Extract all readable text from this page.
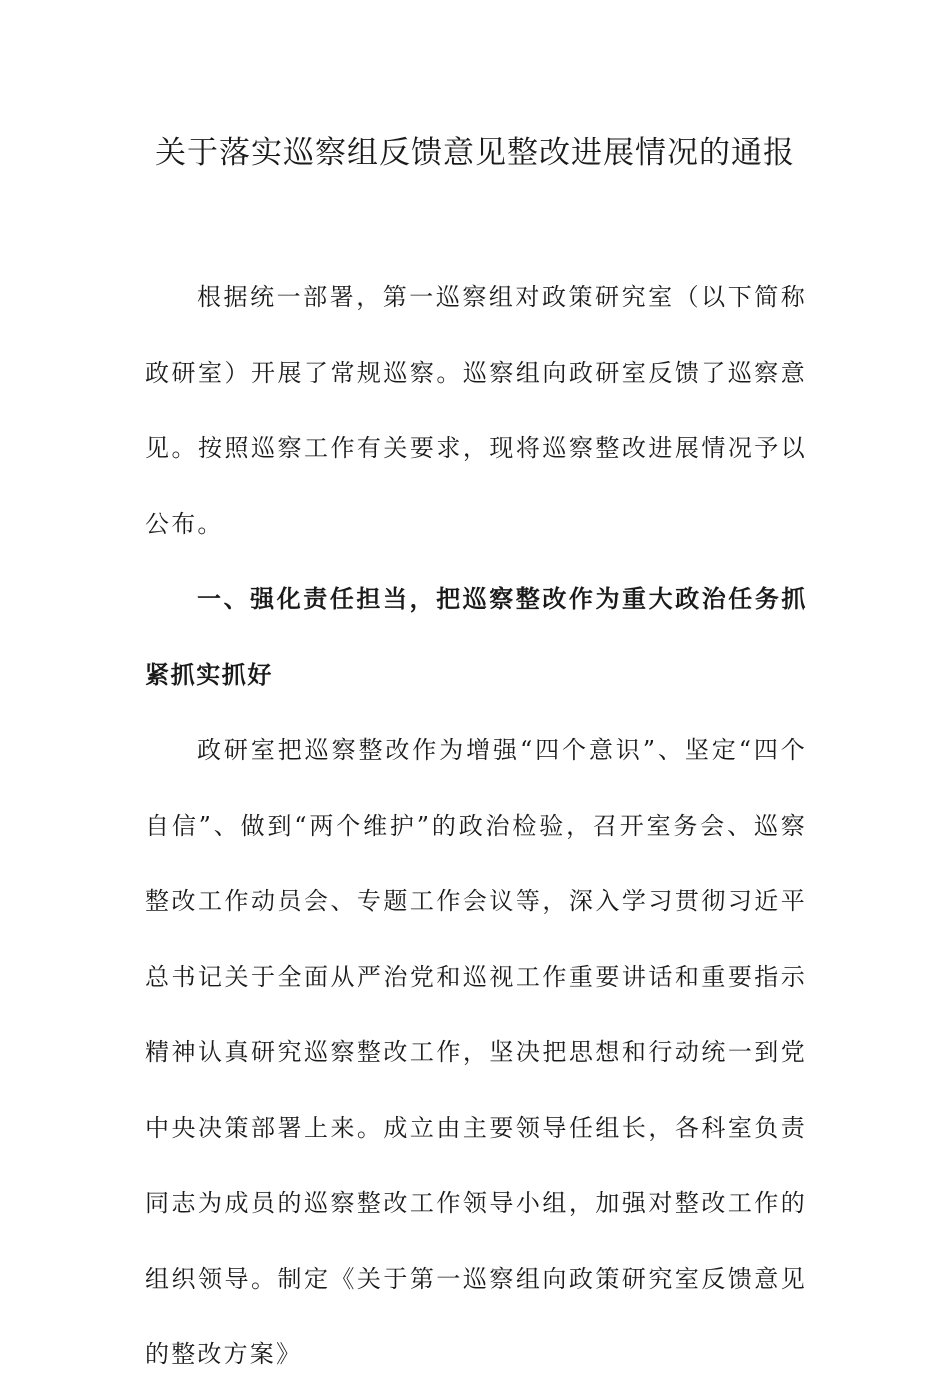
关于落实巡察组反馈意见整改进展情况的通报

根据统一部署，第一巡察组对政策研究室（以下简称政研室）开展了常规巡察。巡察组向政研室反馈了巡察意见。按照巡察工作有关要求，现将巡察整改进展情况予以公布。

一、强化责任担当，把巡察整改作为重大政治任务抓紧抓实抓好

政研室把巡察整改作为增强“四个意识”、坚定“四个自信”、做到“两个维护”的政治检验，召开室务会、巡察整改工作动员会、专题工作会议等，深入学习贯彻习近平总书记关于全面从严治党和巡视工作重要讲话和重要指示精神认真研究巡察整改工作，坚决把思想和行动统一到党中央决策部署上来。成立由主要领导任组长，各科室负责同志为成员的巡察整改工作领导小组，加强对整改工作的组织领导。制定《关于第一巡察组向政策研究室反馈意见的整改方案》
